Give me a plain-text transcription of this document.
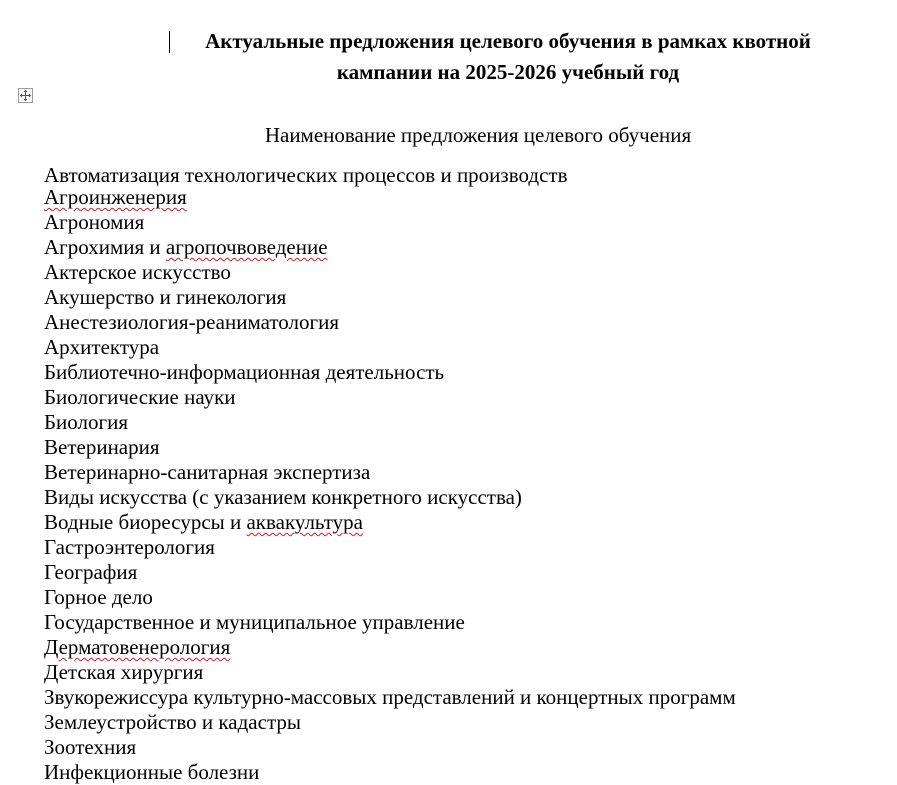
Актуальные предложения целевого обучения в рамках квотной
кампании на 2025-2026 учебный год
Наименование предложения целевого обучения
Автоматизация технологических процессов и производств
Агроинженерия
Агрономия
Агрохимия и агропочвоведение
Актерское искусство
Акушерство и гинекология
Анестезиология-реаниматология
Архитектура
Библиотечно-информационная деятельность
Биологические науки
Биология
Ветеринария
Ветеринарно-санитарная экспертиза
Виды искусства (с указанием конкретного искусства)
Водные биоресурсы и аквакультура
Гастроэнтерология
География
Горное дело
Государственное и муниципальное управление
Дерматовенерология
Детская хирургия
Звукорежиссура культурно-массовых представлений и концертных программ
Землеустройство и кадастры
Зоотехния
Инфекционные болезни
